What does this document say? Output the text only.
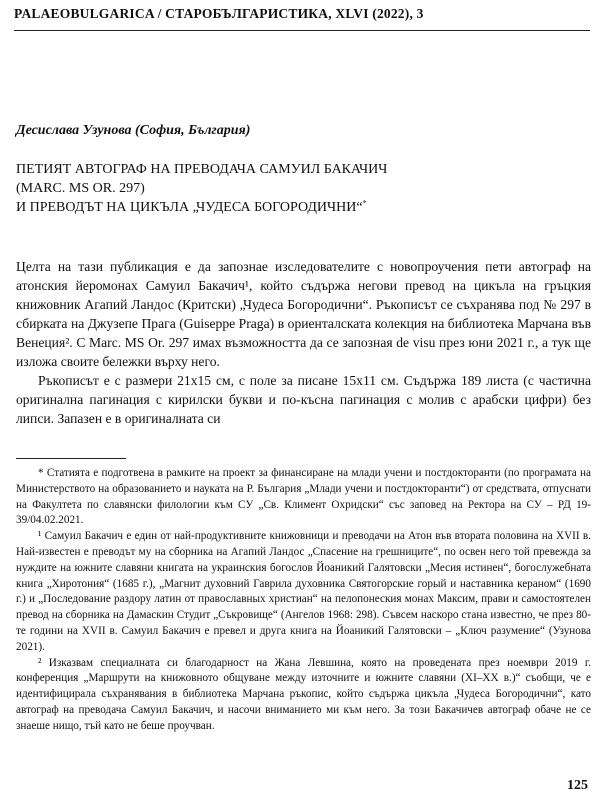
PALAEOBULGARICA / СТАРОБЪЛГАРИСТИКА, XLVI (2022), 3
Десислава Узунова (София, България)
ПЕТИЯТ АВТОГРАФ НА ПРЕВОДАЧА САМУИЛ БАКАЧИЧ
(MARC. MS OR. 297)
И ПРЕВОДЪТ НА ЦИКЪЛА „ЧУДЕСА БОГОРОДИЧНИ“*

Целта на тази публикация е да запознае изследователите с новопроучения пети автограф на атонския йеромонах Самуил Бакачич¹, който съдържа негови превод на цикъла на гръцкия книжовник Агапий Ландос (Критски) „Чудеса Богородични“. Ръкописът се съхранява под № 297 в сбирката на Джузепе Прага (Guiseppe Praga) в ориенталската колекция на библиотека Марчана във Венеция². С Marc. MS Or. 297 имах възможността да се запозная de visu през юни 2021 г., а тук ще изложа своите бележки върху него.

Ръкописът е с размери 21х15 см, с поле за писане 15х11 см. Съдържа 189 листа (с частична оригинална пагинация с кирилски букви и по-късна пагинация с молив с арабски цифри) без липси. Запазен е в оригиналната си

* Статията е подготвена в рамките на проект за финансиране на млади учени и постдокторанти (по програмата на Министерството на образованието и науката на Р. България „Млади учени и постдокторанти“) от средствата, отпуснати на Факултета по славянски филологии към СУ „Св. Климент Охридски“ със заповед на Ректора на СУ – РД 19-39/04.02.2021.

¹ Самуил Бакачич е един от най-продуктивните книжовници и преводачи на Атон във втората половина на XVII в. Най-известен е преводът му на сборника на Агапий Ландос „Спасение на грешниците“, по освен него той превежда за нуждите на южните славяни книгата на украинския богослов Йоаникий Галятовски „Месия истинен“, богослужебната книга „Хиротония“ (1685 г.), „Магнит духовний Гаврила духовника Святогорские горый и наставника кераном“ (1690 г.) и „Последование раздору латин от православных христиан“ на пелопонеския монах Максим, прави и самостоятелен превод на сборника на Дамаскин Студит „Съкровище“ (Ангелов 1968: 298). Съвсем наскоро стана известно, че през 80-те години на XVII в. Самуил Бакачич е превел и друга книга на Йоаникий Галятовски – „Ключ разумение“ (Узунова 2021).

² Изказвам специалната си благодарност на Жана Левшина, която на проведената през ноември 2019 г. конференция „Маршрути на книжовното общуване между източните и южните славяни (XI–XX в.)“ съобщи, че е идентифицирала съхранявания в библиотека Марчана ръкопис, който съдържа цикъла „Чудеса Богородични“, като автограф на преводача Самуил Бакачич, и насочи вниманието ми към него. За този Бакачичев автограф обаче не се знаеше нищо, тъй като не беше проучван.

125
